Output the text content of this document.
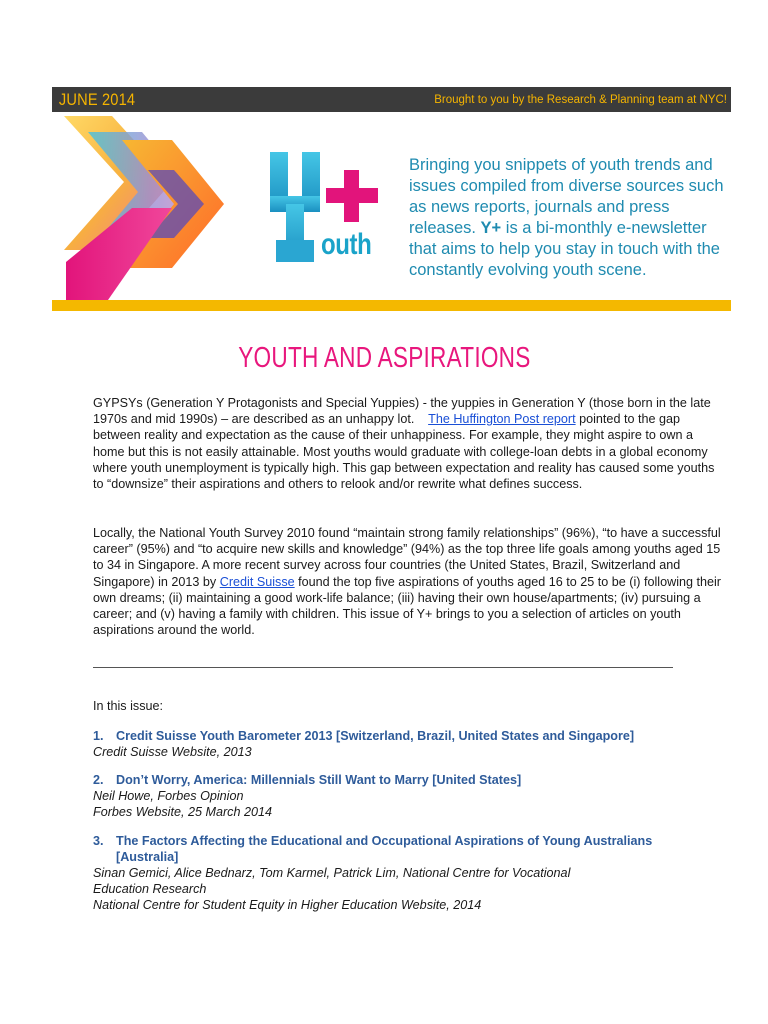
JUNE 2014	Brought to you by the Research & Planning team at NYC!
outh
Bringing you snippets of youth trends and issues compiled from diverse sources such as news reports, journals and press releases. Y+ is a bi-monthly e-newsletter that aims to help you stay in touch with the constantly evolving youth scene.
YOUTH AND ASPIRATIONS
GYPSYs (Generation Y Protagonists and Special Yuppies) - the yuppies in Generation Y (those born in the late 1970s and mid 1990s) – are described as an unhappy lot. The Huffington Post report pointed to the gap between reality and expectation as the cause of their unhappiness. For example, they might aspire to own a home but this is not easily attainable. Most youths would graduate with college-loan debts in a global economy where youth unemployment is typically high. This gap between expectation and reality has caused some youths to “downsize” their aspirations and others to relook and/or rewrite what defines success.
Locally, the National Youth Survey 2010 found “maintain strong family relationships” (96%), “to have a successful career” (95%) and “to acquire new skills and knowledge” (94%) as the top three life goals among youths aged 15 to 34 in Singapore. A more recent survey across four countries (the United States, Brazil, Switzerland and Singapore) in 2013 by Credit Suisse found the top five aspirations of youths aged 16 to 25 to be (i) following their own dreams; (ii) maintaining a good work-life balance; (iii) having their own house/apartments; (iv) pursuing a career; and (v) having a family with children. This issue of Y+ brings to you a selection of articles on youth aspirations around the world.
In this issue:
1. Credit Suisse Youth Barometer 2013 [Switzerland, Brazil, United States and Singapore]
Credit Suisse Website, 2013
2. Don’t Worry, America: Millennials Still Want to Marry [United States]
Neil Howe, Forbes Opinion
Forbes Website, 25 March 2014
3. The Factors Affecting the Educational and Occupational Aspirations of Young Australians
[Australia]
Sinan Gemici, Alice Bednarz, Tom Karmel, Patrick Lim, National Centre for Vocational
Education Research
National Centre for Student Equity in Higher Education Website, 2014
